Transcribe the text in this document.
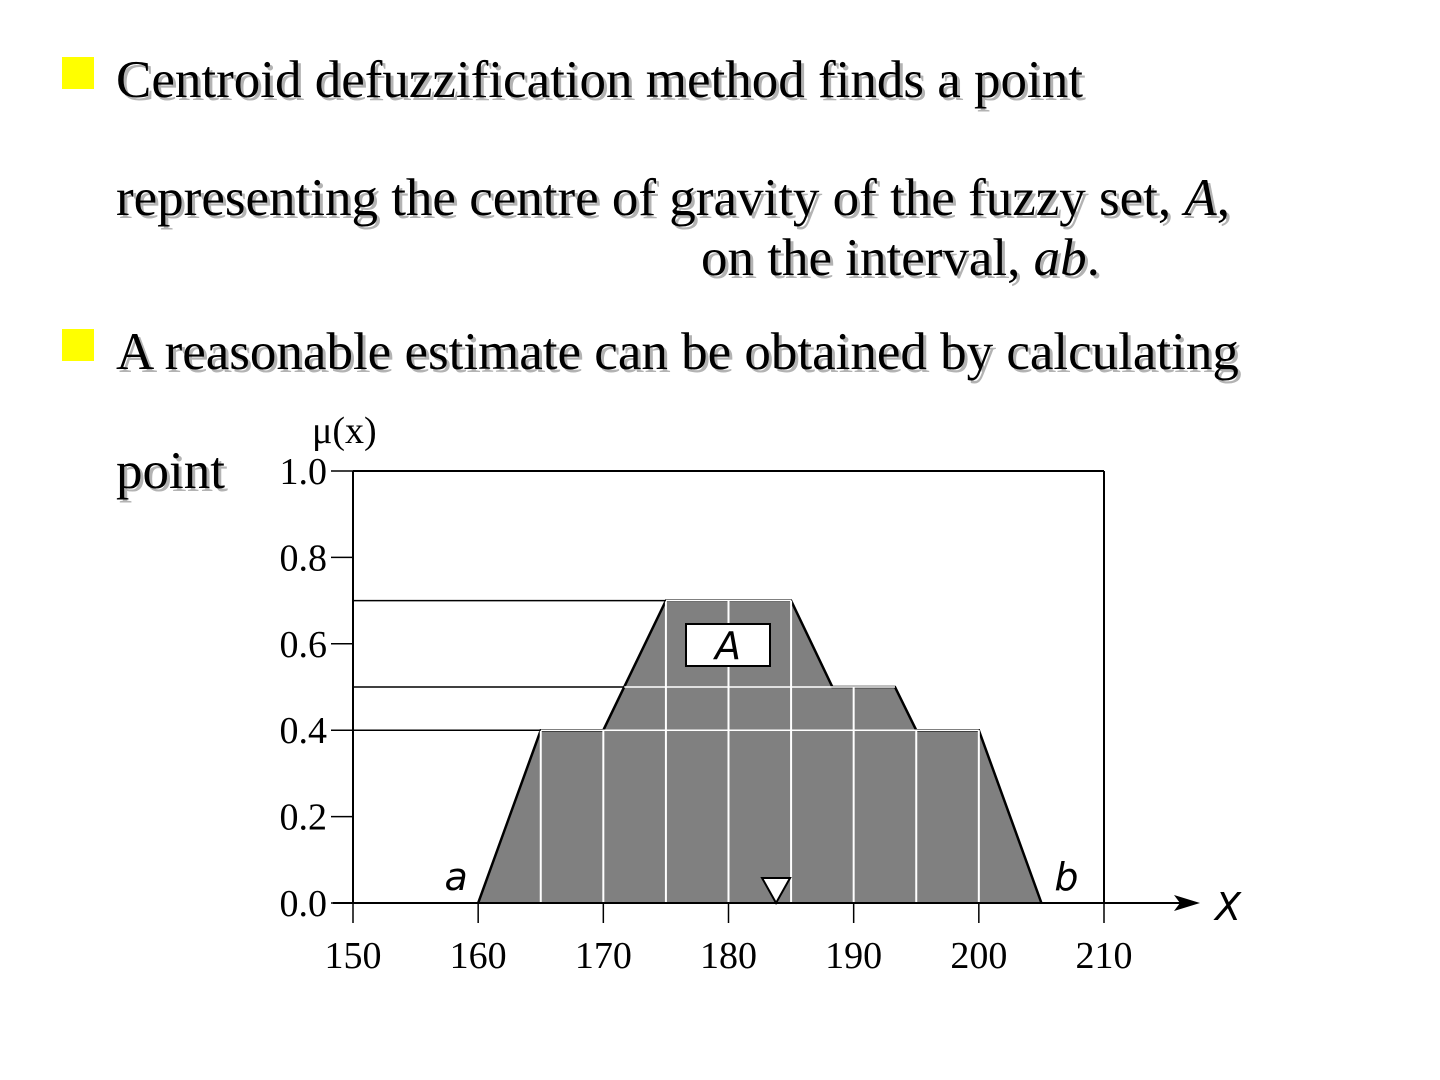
Centroid defuzzification method finds a point
representing the centre of gravity of the fuzzy set, A,
on the interval, ab.
A reasonable estimate can be obtained by calculating
0.0
0.2
0.4
0.6
0.8
1.0
150 160 170 180 190 200 210
μ(x)
X
a	b
A
point
